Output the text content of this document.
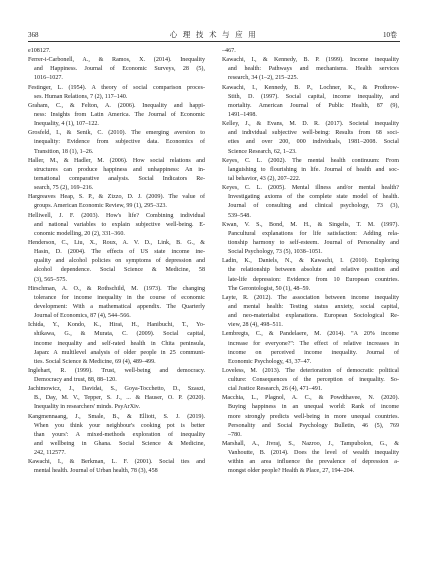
368	心 理 技 术 与 应 用	10卷
e108127.
Ferrer-i-Carbonell, A., & Ramos, X. (2014). Inequality
and Happiness. Journal of Economic Surveys, 28 (5),
1016–1027.
Festinger, L. (1954). A theory of social comparison proces-
ses. Human Relations, 7 (2), 117–140.
Graham, C., & Felton, A. (2006). Inequality and happi-
ness: Insights from Latin America. The Journal of Economic
Inequality, 4 (1), 107–122.
Grosfeld, I., & Senik, C. (2010). The emerging aversion to
inequality: Evidence from subjective data. Economics of
Transition, 18 (1), 1–26.
Haller, M., & Hadler, M. (2006). How social relations and
structures can produce happiness and unhappiness: An in-
ternational comparative analysis. Social Indicators Re-
search, 75 (2), 169–216.
Hargreaves Heap, S. P., & Zizzo, D. J. (2009). The value of
groups. American Economic Review, 99 (1), 295–323.
Helliwell, J. F. (2003). How's life? Combining individual
and national variables to explain subjective well-being. E-
conomic modelling, 20 (2), 331–360.
Henderson, C., Liu, X., Roux, A. V. D., Link, B. G., &
Hasin, D. (2004). The effects of US state income ine-
quality and alcohol policies on symptoms of depression and
alcohol dependence. Social Science & Medicine, 58
(3), 565–575.
Hirschman, A. O., & Rothschild, M. (1973). The changing
tolerance for income inequality in the course of economic
development: With a mathematical appendix. The Quarterly
Journal of Economics, 87 (4), 544–566.
Ichida, Y., Kondo, K., Hirai, H., Hanibuchi, T., Yo-
shikawa, G., & Murata, C. (2009). Social capital,
income inequality and self-rated health in Chita peninsula,
Japan: A multilevel analysis of older people in 25 communi-
ties. Social Science & Medicine, 69 (4), 489–499.
Inglehart, R. (1999). Trust, well-being and democracy.
Democracy and trust, 88, 88–120.
Jachimowicz, J., Davidai, S., Goya-Tocchetto, D., Szaszi,
B., Day, M. V., Tepper, S. J., ... & Hauser, O. P. (2020).
Inequality in researchers' minds. PsyArXiv.
Kangmennaang, J., Smale, B., & Elliott, S. J. (2019).
When you think your neighbour's cooking pot is better
than yours': A mixed-methods exploration of inequality
and wellbeing in Ghana. Social Science & Medicine,
242, 112577.
Kawachi, I., & Berkman, L. F. (2001). Social ties and
mental health. Journal of Urban health, 78 (3), 458
–467.
Kawachi, I., & Kennedy, B. P. (1999). Income inequality
and health: Pathways and mechanisms. Health services
research, 34 (1–2), 215–225.
Kawachi, I., Kennedy, B. P., Lochner, K., & Prothrow-
Stith, D. (1997). Social capital, income inequality, and
mortality. American Journal of Public Health, 87 (9),
1491–1498.
Kelley, J., & Evans, M. D. R. (2017). Societal inequality
and individual subjective well-being: Results from 68 soci-
eties and over 200, 000 individuals, 1981–2008. Social
Science Research, 62, 1–23.
Keyes, C. L. (2002). The mental health continuum: From
languishing to flourishing in life. Journal of health and soc-
ial behavior, 43 (2), 207–222.
Keyes, C. L. (2005). Mental illness and/or mental health?
Investigating axioms of the complete state model of health.
Journal of consulting and clinical psychology, 73 (3),
539–548.
Kwan, V. S., Bond, M. H., & Singelis, T. M. (1997).
Pancultural explanations for life satisfaction: Adding rela-
tionship harmony to self-esteem. Journal of Personality and
Social Psychology, 73 (5), 1038–1051.
Ladin, K., Daniels, N., & Kawachi, I. (2010). Exploring
the relationship between absolute and relative position and
late-life depression: Evidence from 10 European countries.
The Gerontologist, 50 (1), 48–59.
Layte, R. (2012). The association between income inequality
and mental health: Testing status anxiety, social capital,
and neo-materialist explanations. European Sociological Re-
view, 28 (4), 498–511.
Lembregts, C., & Pandelaere, M. (2014). "A 20% income
increase for everyone?": The effect of relative increases in
income on perceived income inequality. Journal of
Economic Psychology, 43, 37–47.
Loveless, M. (2013). The deterioration of democratic political
culture: Consequences of the perception of inequality. So-
cial Justice Research, 26 (4), 471–491.
Macchia, L., Plagnol, A. C., & Powdthavee, N. (2020).
Buying happiness in an unequal world: Rank of income
more strongly predicts well-being in more unequal countries.
Personality and Social Psychology Bulletin, 46 (5), 769
–780.
Marshall, A., Jivraj, S., Nazroo, J., Tampubolon, G., &
Vanhoutte, B. (2014). Does the level of wealth inequality
within an area influence the prevalence of depression a-
mongst older people? Health & Place, 27, 194–204.
